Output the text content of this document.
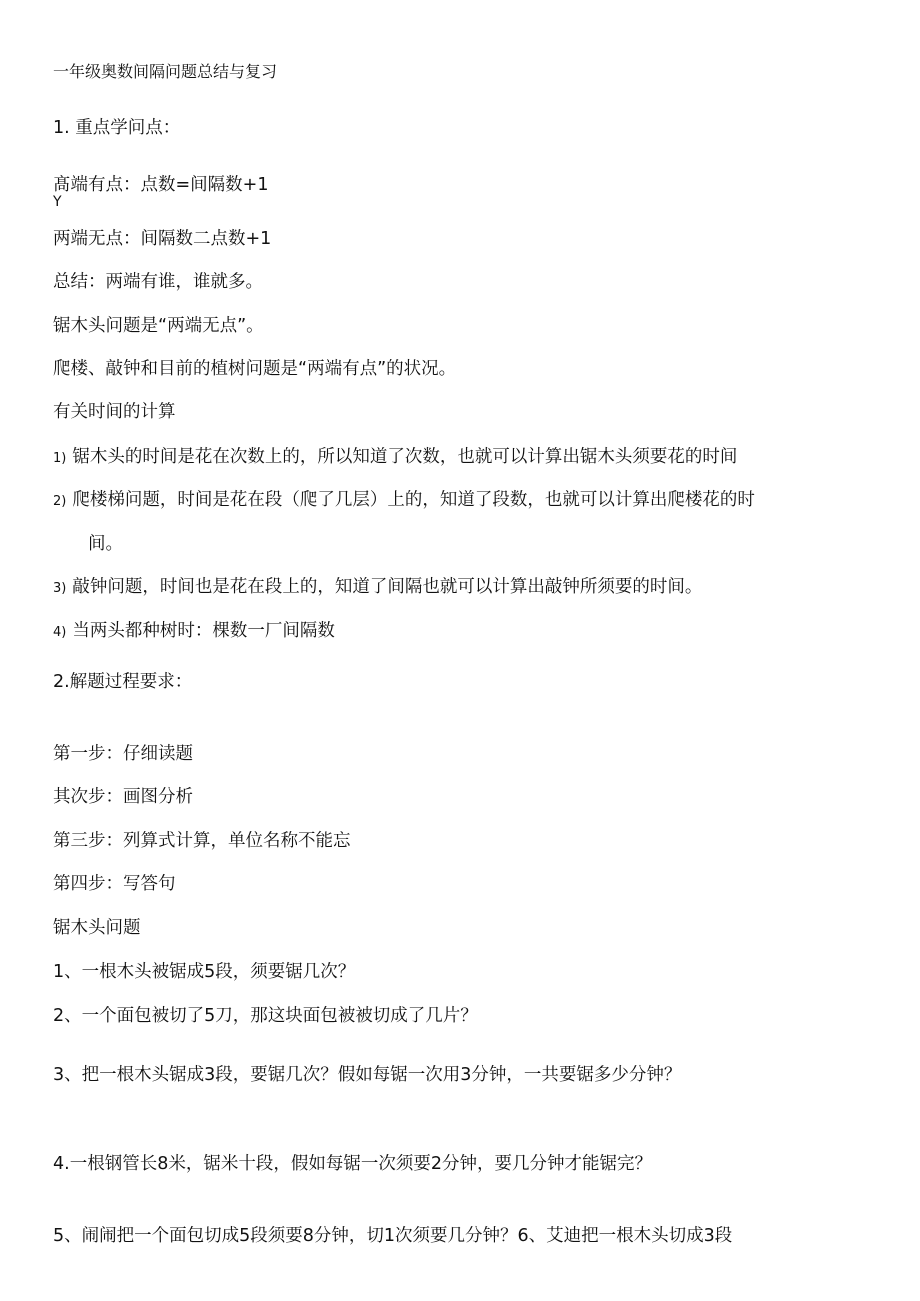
一年级奥数间隔问题总结与复习
1. 重点学问点：
髙端有点：点数=间隔数+1
Y
两端无点：间隔数二点数+1
总结：两端有谁，谁就多。
锯木头问题是“两端无点”。
爬楼、敲钟和目前的植树问题是“两端有点”的状况。
有关时间的计算
1) 锯木头的时间是花在次数上的，所以知道了次数，也就可以计算出锯木头须要花的时间
2) 爬楼梯问题，时间是花在段（爬了几层）上的，知道了段数，也就可以计算出爬楼花的时
间。
3) 敲钟问题，时间也是花在段上的，知道了间隔也就可以计算出敲钟所须要的时间。
4) 当两头都种树时：棵数一厂间隔数
2.解题过程要求：
第一步：仔细读题
其次步：画图分析
第三步：列算式计算，单位名称不能忘
第四步：写答句
锯木头问题
1、一根木头被锯成5段，须要锯几次？
2、一个面包被切了5刀，那这块面包被被切成了几片？
3、把一根木头锯成3段，要锯几次？假如每锯一次用3分钟，一共要锯多少分钟？
4.一根钢管长8米，锯米十段，假如每锯一次须要2分钟，要几分钟才能锯完？
5、闹闹把一个面包切成5段须要8分钟，切1次须要几分钟？6、艾迪把一根木头切成3段
